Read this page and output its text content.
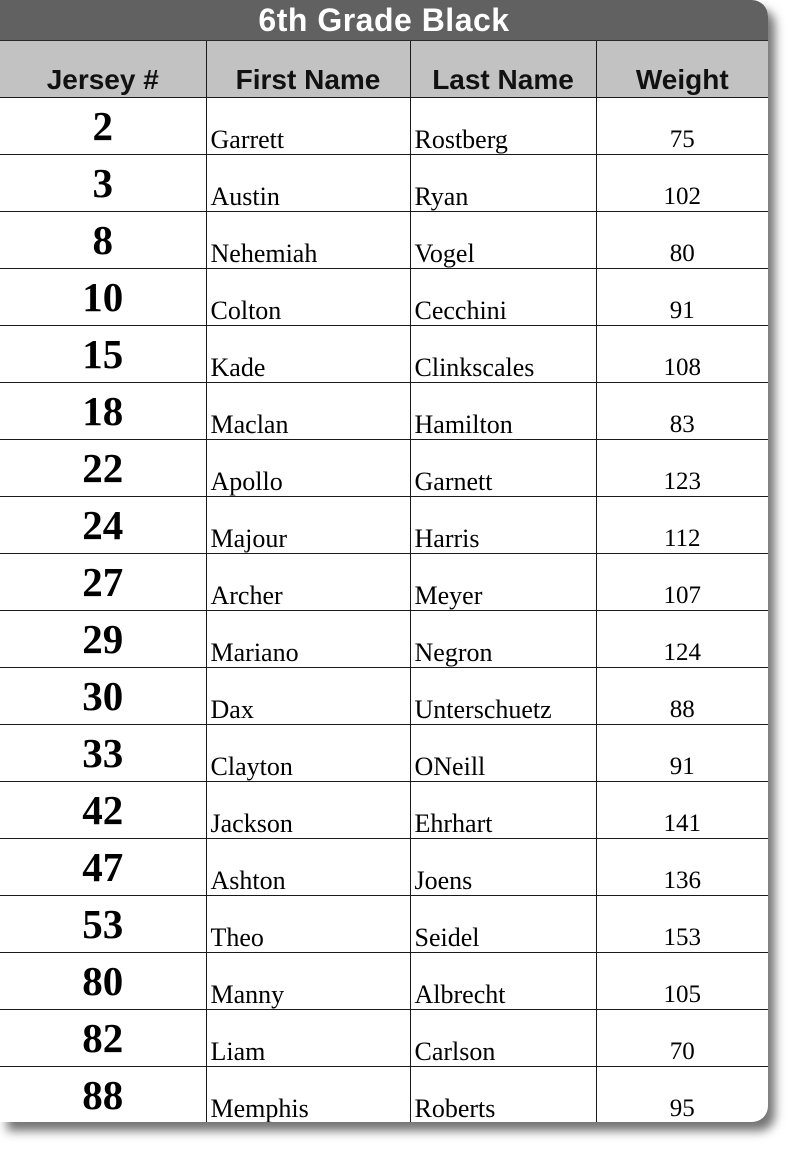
6th Grade Black
Jersey #	First Name	Last Name	Weight
2	Garrett	Rostberg	75
3	Austin	Ryan	102
8	Nehemiah	Vogel	80
10	Colton	Cecchini	91
15	Kade	Clinkscales	108
18	Maclan	Hamilton	83
22	Apollo	Garnett	123
24	Majour	Harris	112
27	Archer	Meyer	107
29	Mariano	Negron	124
30	Dax	Unterschuetz	88
33	Clayton	ONeill	91
42	Jackson	Ehrhart	141
47	Ashton	Joens	136
53	Theo	Seidel	153
80	Manny	Albrecht	105
82	Liam	Carlson	70
88	Memphis	Roberts	95
